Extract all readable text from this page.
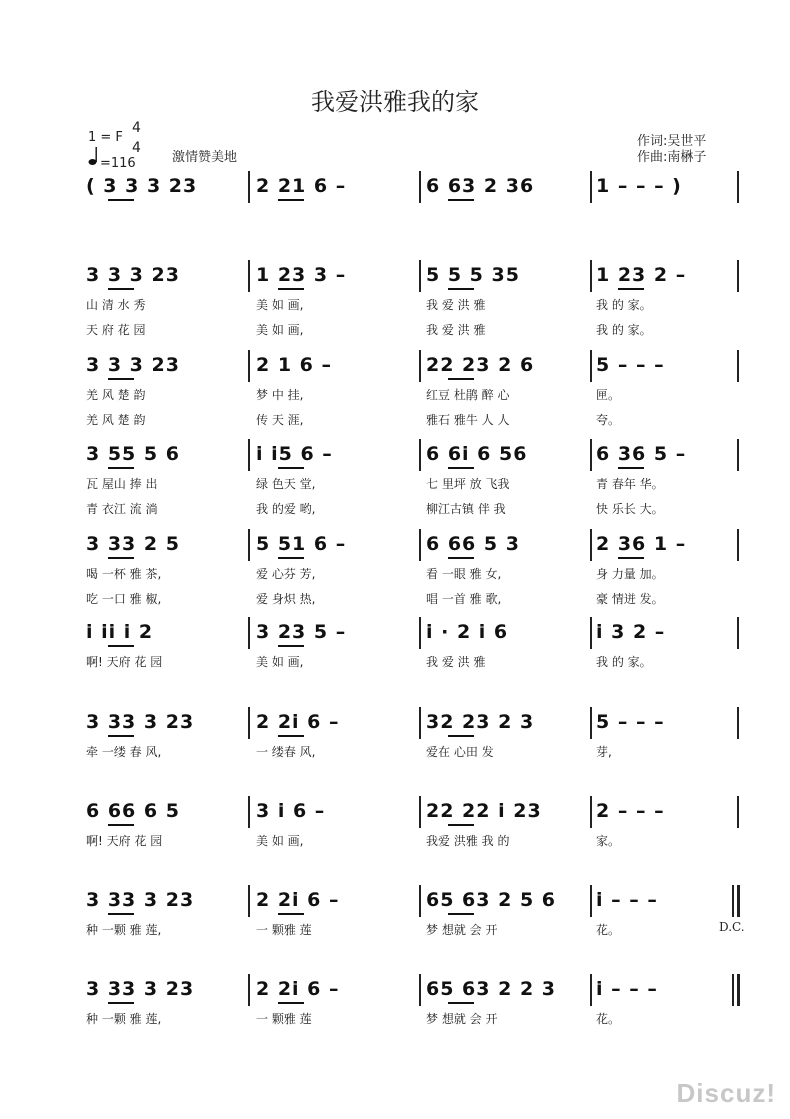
我爱洪雅我的家
1 = F
4
4
=116	激情赞美地
作词:吴世平
作曲:南楙子
( 3 3 3 23	2 21 6 –	6 63 2 36	1 – – – )
3 3 3 23	1 23 3 –	5 5 5 35	1 23 2 –
山 清 水 秀	美 如 画,	我 爱 洪 雅	我 的 家。
天 府 花 园	美 如 画,	我 爱 洪 雅	我 的 家。
3 3 3 23	2 1 6 –	22 23 2 6	5 – – –
羌 风 楚 韵	梦 中 挂,	红豆 杜鹃 醉 心	匣。
羌 风 楚 韵	传 天 涯,	雅石 雅牛 人 人	夸。
3 55 5 6	i i5 6 –	6 6i 6 56	6 36 5 –
瓦 屋山 捧 出	绿 色天 堂,	七 里坪 放 飞我	青 春年 华。
青 衣江 流 淌	我 的爱 哟,	柳江古镇 伴 我	快 乐长 大。
3 33 2 5	5 51 6 –	6 66 5 3	2 36 1 –
喝 一杯 雅 茶,	爱 心芬 芳,	看 一眼 雅 女,	身 力量 加。
吃 一口 雅 椒,	爱 身炽 热,	唱 一首 雅 歌,	豪 情迸 发。
i ii i 2	3 23 5 –	i · 2 i 6	i 3 2 –
啊! 天府 花 园	美 如 画,	我 爱 洪 雅	我 的 家。
3 33 3 23	2 2i 6 –	32 23 2 3	5 – – –
牵 一缕 春 风,	一 缕春 风,	爱在 心田 发	芽,
6 66 6 5	3 i 6 –	22 22 i 23	2 – – –
啊! 天府 花 园	美 如 画,	我爱 洪雅 我 的	家。
3 33 3 23	2 2i 6 –	65 63 2 5 6 i – – –
种 一颗 雅 莲,	一 颗雅 莲	梦 想就 会 开	花。
3 33 3 23	2 2i 6 –	65 63 2 2 3 i – – –
种 一颗 雅 莲,	一 颗雅 莲	梦 想就 会 开	花。
D.C.
Discuz!
